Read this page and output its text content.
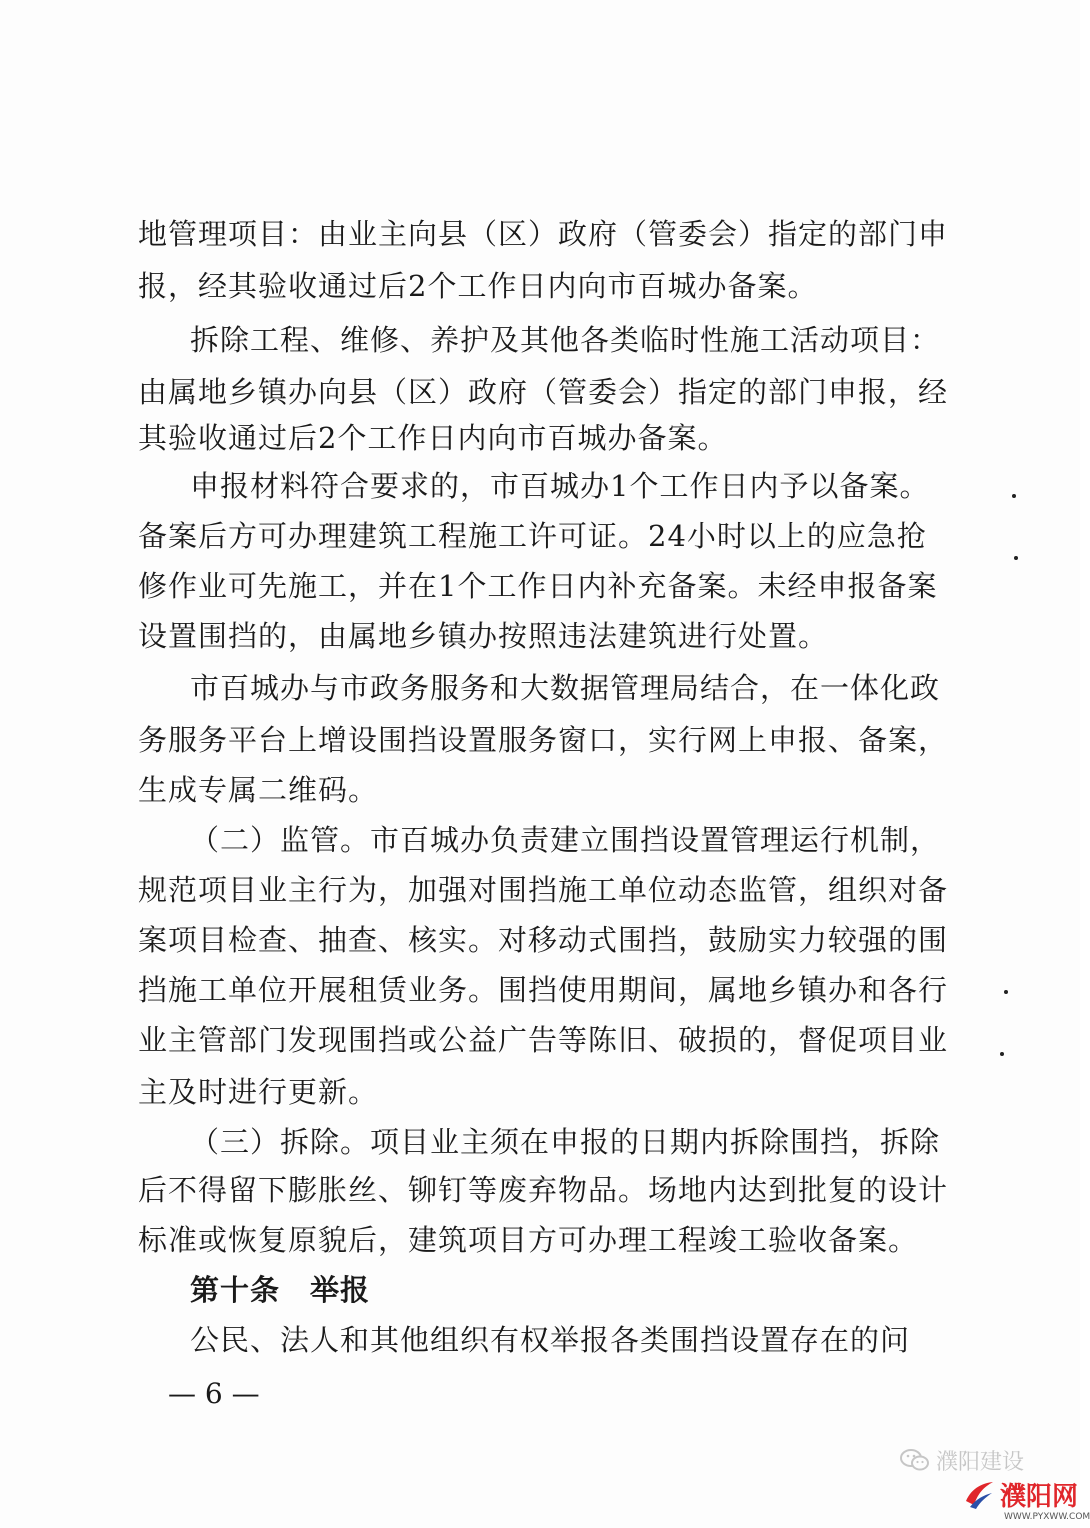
地管理项目：由业主向县（区）政府（管委会）指定的部门申
报，经其验收通过后2个工作日内向市百城办备案。
拆除工程、维修、养护及其他各类临时性施工活动项目：
由属地乡镇办向县（区）政府（管委会）指定的部门申报，经
其验收通过后2个工作日内向市百城办备案。
申报材料符合要求的，市百城办1个工作日内予以备案。
备案后方可办理建筑工程施工许可证。24小时以上的应急抢
修作业可先施工，并在1个工作日内补充备案。未经申报备案
设置围挡的，由属地乡镇办按照违法建筑进行处置。
市百城办与市政务服务和大数据管理局结合，在一体化政
务服务平台上增设围挡设置服务窗口，实行网上申报、备案，
生成专属二维码。
（二）监管。市百城办负责建立围挡设置管理运行机制，
规范项目业主行为，加强对围挡施工单位动态监管，组织对备
案项目检查、抽查、核实。对移动式围挡，鼓励实力较强的围
挡施工单位开展租赁业务。围挡使用期间，属地乡镇办和各行
业主管部门发现围挡或公益广告等陈旧、破损的，督促项目业
主及时进行更新。
（三）拆除。项目业主须在申报的日期内拆除围挡，拆除
后不得留下膨胀丝、铆钉等废弃物品。场地内达到批复的设计
标准或恢复原貌后，建筑项目方可办理工程竣工验收备案。
第十条　举报
公民、法人和其他组织有权举报各类围挡设置存在的问
— 6 —
濮阳建设
濮阳网
WWW.PYXWW.COM
